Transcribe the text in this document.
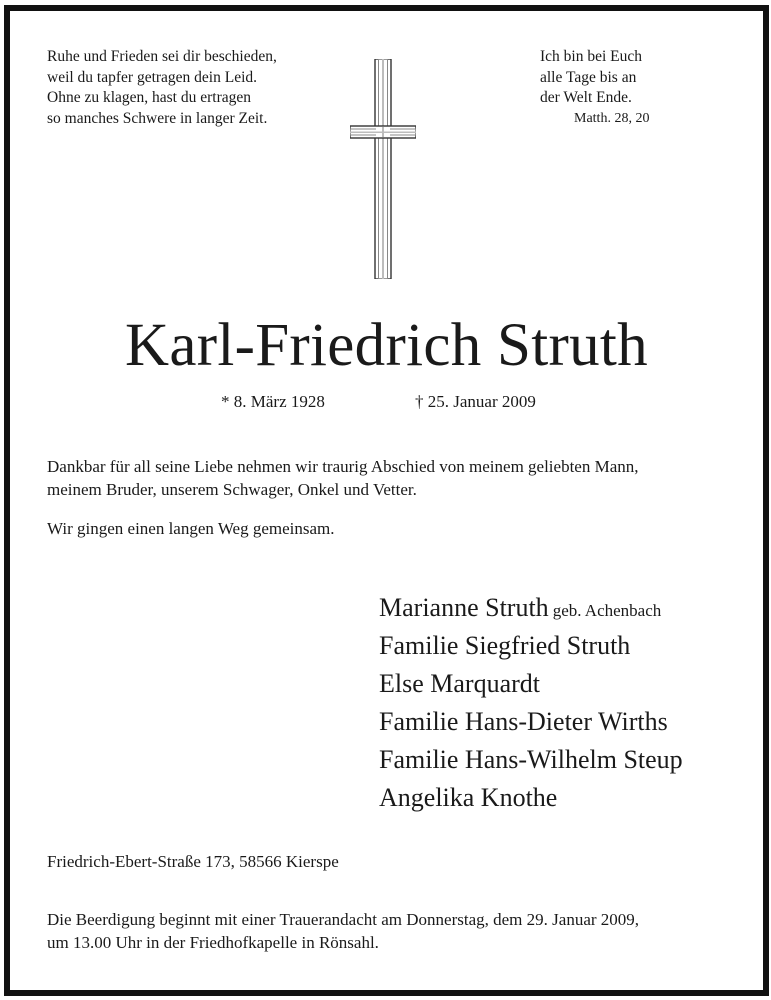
Ruhe und Frieden sei dir beschieden,
weil du tapfer getragen dein Leid.
Ohne zu klagen, hast du ertragen
so manches Schwere in langer Zeit.
Ich bin bei Euch
alle Tage bis an
der Welt Ende.
Matth. 28, 20
Karl-Friedrich Struth
* 8. März 1928	† 25. Januar 2009

Dankbar für all seine Liebe nehmen wir traurig Abschied von meinem geliebten Mann,
meinem Bruder, unserem Schwager, Onkel und Vetter.

Wir gingen einen langen Weg gemeinsam.

Marianne Struth geb. Achenbach
Familie Siegfried Struth
Else Marquardt
Familie Hans-Dieter Wirths
Familie Hans-Wilhelm Steup
Angelika Knothe
Friedrich-Ebert-Straße 173, 58566 Kierspe

Die Beerdigung beginnt mit einer Trauerandacht am Donnerstag, dem 29. Januar 2009,
um 13.00 Uhr in der Friedhofkapelle in Rönsahl.
